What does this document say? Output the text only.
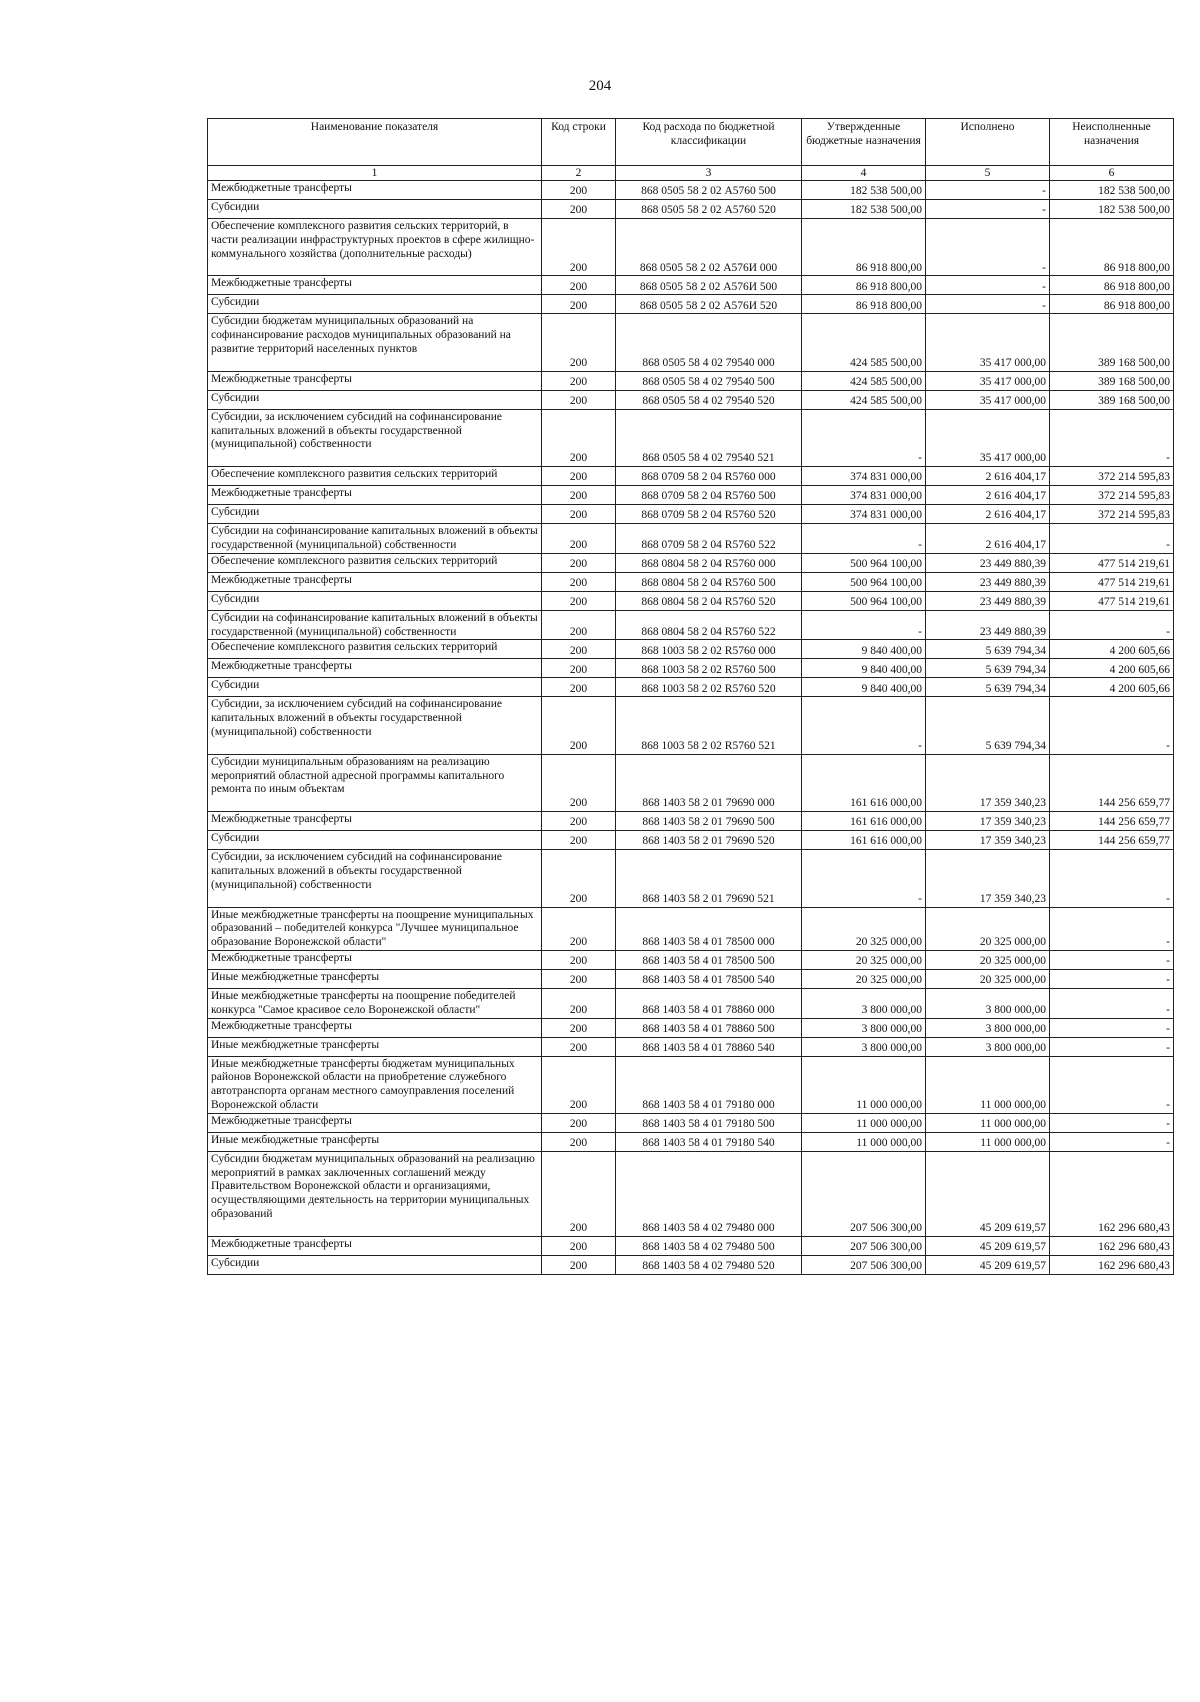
204
Наименование показателя	Код строки	Код расхода по бюджетной классификации	Утвержденные бюджетные назначения	Исполнено	Неисполненные назначения
1	2	3	4	5	6
Межбюджетные трансферты	200	868 0505 58 2 02 А5760 500	182 538 500,00	-	182 538 500,00
Субсидии	200	868 0505 58 2 02 А5760 520	182 538 500,00	-	182 538 500,00
Обеспечение комплексного развития сельских территорий, в части реализации инфраструктурных проектов в сфере жилищно-коммунального хозяйства (дополнительные расходы)	200	868 0505 58 2 02 А576И 000	86 918 800,00	-	86 918 800,00
Межбюджетные трансферты	200	868 0505 58 2 02 А576И 500	86 918 800,00	-	86 918 800,00
Субсидии	200	868 0505 58 2 02 А576И 520	86 918 800,00	-	86 918 800,00
Субсидии бюджетам муниципальных образований на софинансирование расходов муниципальных образований на развитие территорий населенных пунктов	200	868 0505 58 4 02 79540 000	424 585 500,00	35 417 000,00	389 168 500,00
Межбюджетные трансферты	200	868 0505 58 4 02 79540 500	424 585 500,00	35 417 000,00	389 168 500,00
Субсидии	200	868 0505 58 4 02 79540 520	424 585 500,00	35 417 000,00	389 168 500,00
Субсидии, за исключением субсидий на софинансирование капитальных вложений в объекты государственной (муниципальной) собственности	200	868 0505 58 4 02 79540 521	-	35 417 000,00	-
Обеспечение комплексного развития сельских территорий	200	868 0709 58 2 04 R5760 000	374 831 000,00	2 616 404,17	372 214 595,83
Межбюджетные трансферты	200	868 0709 58 2 04 R5760 500	374 831 000,00	2 616 404,17	372 214 595,83
Субсидии	200	868 0709 58 2 04 R5760 520	374 831 000,00	2 616 404,17	372 214 595,83
Субсидии на софинансирование капитальных вложений в объекты государственной (муниципальной) собственности	200	868 0709 58 2 04 R5760 522	-	2 616 404,17	-
Обеспечение комплексного развития сельских территорий	200	868 0804 58 2 04 R5760 000	500 964 100,00	23 449 880,39	477 514 219,61
Межбюджетные трансферты	200	868 0804 58 2 04 R5760 500	500 964 100,00	23 449 880,39	477 514 219,61
Субсидии	200	868 0804 58 2 04 R5760 520	500 964 100,00	23 449 880,39	477 514 219,61
Субсидии на софинансирование капитальных вложений в объекты государственной (муниципальной) собственности	200	868 0804 58 2 04 R5760 522	-	23 449 880,39	-
Обеспечение комплексного развития сельских территорий	200	868 1003 58 2 02 R5760 000	9 840 400,00	5 639 794,34	4 200 605,66
Межбюджетные трансферты	200	868 1003 58 2 02 R5760 500	9 840 400,00	5 639 794,34	4 200 605,66
Субсидии	200	868 1003 58 2 02 R5760 520	9 840 400,00	5 639 794,34	4 200 605,66
Субсидии, за исключением субсидий на софинансирование капитальных вложений в объекты государственной (муниципальной) собственности	200	868 1003 58 2 02 R5760 521	-	5 639 794,34	-
Субсидии муниципальным образованиям на реализацию мероприятий областной адресной программы капитального ремонта по иным объектам	200	868 1403 58 2 01 79690 000	161 616 000,00	17 359 340,23	144 256 659,77
Межбюджетные трансферты	200	868 1403 58 2 01 79690 500	161 616 000,00	17 359 340,23	144 256 659,77
Субсидии	200	868 1403 58 2 01 79690 520	161 616 000,00	17 359 340,23	144 256 659,77
Субсидии, за исключением субсидий на софинансирование капитальных вложений в объекты государственной (муниципальной) собственности	200	868 1403 58 2 01 79690 521	-	17 359 340,23	-
Иные межбюджетные трансферты на поощрение муниципальных образований – победителей конкурса "Лучшее муниципальное образование Воронежской области"	200	868 1403 58 4 01 78500 000	20 325 000,00	20 325 000,00	-
Межбюджетные трансферты	200	868 1403 58 4 01 78500 500	20 325 000,00	20 325 000,00	-
Иные межбюджетные трансферты	200	868 1403 58 4 01 78500 540	20 325 000,00	20 325 000,00	-
Иные межбюджетные трансферты на поощрение победителей конкурса "Самое красивое село Воронежской области"	200	868 1403 58 4 01 78860 000	3 800 000,00	3 800 000,00	-
Межбюджетные трансферты	200	868 1403 58 4 01 78860 500	3 800 000,00	3 800 000,00	-
Иные межбюджетные трансферты	200	868 1403 58 4 01 78860 540	3 800 000,00	3 800 000,00	-
Иные межбюджетные трансферты бюджетам муниципальных районов Воронежской области на приобретение служебного автотранспорта органам местного самоуправления поселений Воронежской области	200	868 1403 58 4 01 79180 000	11 000 000,00	11 000 000,00	-
Межбюджетные трансферты	200	868 1403 58 4 01 79180 500	11 000 000,00	11 000 000,00	-
Иные межбюджетные трансферты	200	868 1403 58 4 01 79180 540	11 000 000,00	11 000 000,00	-
Субсидии бюджетам муниципальных образований на реализацию мероприятий в рамках заключенных соглашений между Правительством Воронежской области и организациями, осуществляющими деятельность на территории муниципальных образований	200	868 1403 58 4 02 79480 000	207 506 300,00	45 209 619,57	162 296 680,43
Межбюджетные трансферты	200	868 1403 58 4 02 79480 500	207 506 300,00	45 209 619,57	162 296 680,43
Субсидии	200	868 1403 58 4 02 79480 520	207 506 300,00	45 209 619,57	162 296 680,43
